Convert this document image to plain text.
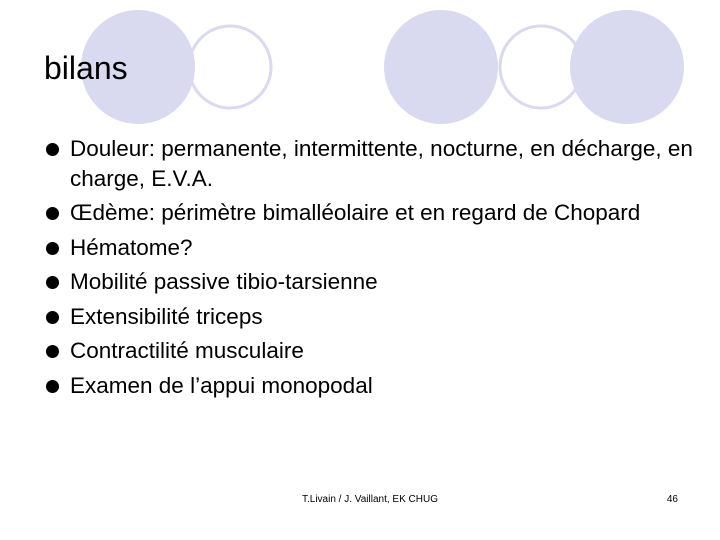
bilans
Douleur: permanente, intermittente, nocturne, en décharge, en charge, E.V.A.
Œdème: périmètre bimalléolaire et en regard de Chopard
Hématome?
Mobilité passive tibio-tarsienne
Extensibilité triceps
Contractilité musculaire
Examen de l’appui monopodal
T.Livain / J. Vaillant, EK CHUG	46
